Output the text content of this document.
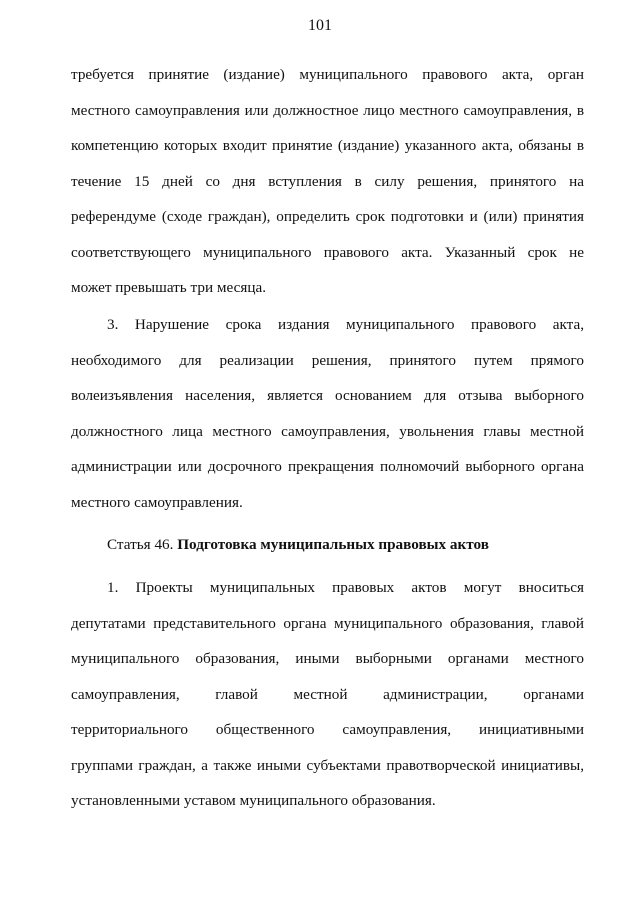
101
требуется принятие (издание) муниципального правового акта, орган
местного самоуправления или должностное лицо местного самоуправления, в
компетенцию которых входит принятие (издание) указанного акта, обязаны в
течение 15 дней со дня вступления в силу решения, принятого на
референдуме (сходе граждан), определить срок подготовки и (или) принятия
соответствующего муниципального правового акта. Указанный срок не
может превышать три месяца.
3. Нарушение срока издания муниципального правового акта,
необходимого для реализации решения, принятого путем прямого
волеизъявления населения, является основанием для отзыва выборного
должностного лица местного самоуправления, увольнения главы местной
администрации или досрочного прекращения полномочий выборного органа
местного самоуправления.
Статья 46. Подготовка муниципальных правовых актов
1. Проекты муниципальных правовых актов могут вноситься
депутатами представительного органа муниципального образования, главой
муниципального образования, иными выборными органами местного
самоуправления, главой местной администрации, органами
территориального общественного самоуправления, инициативными
группами граждан, а также иными субъектами правотворческой инициативы,
установленными уставом муниципального образования.
